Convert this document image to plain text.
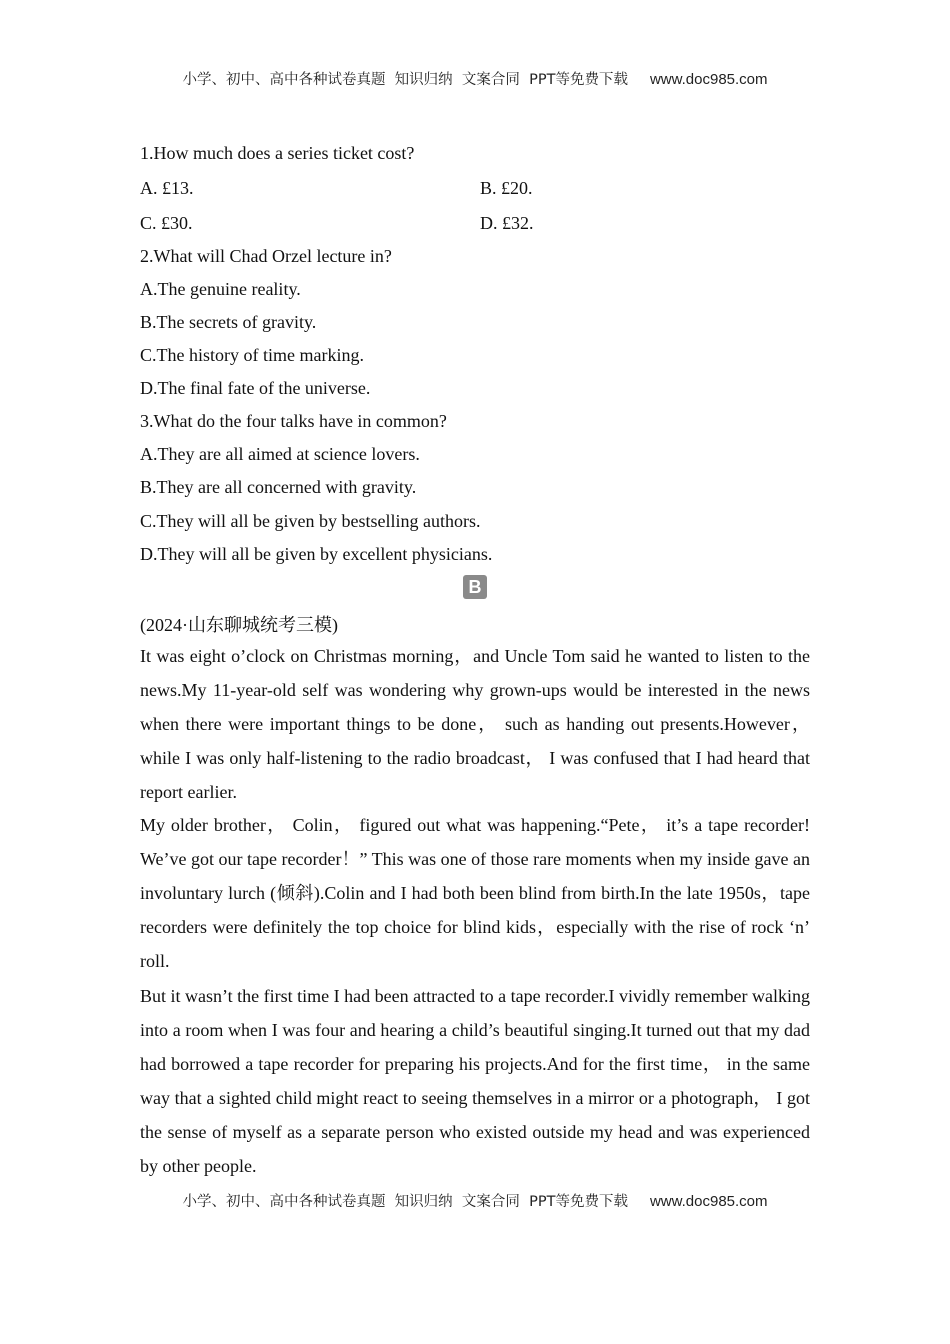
小学、初中、高中各种试卷真题  知识归纳  文案合同  PPT等免费下载 www.doc985.com
1.How much does a series ticket cost?
A. £13.	B. £20.
C. £30.	D. £32.
2.What will Chad Orzel lecture in?
A.The genuine reality.
B.The secrets of gravity.
C.The history of time marking.
D.The final fate of the universe.
3.What do the four talks have in common?
A.They are all aimed at science lovers.
B.They are all concerned with gravity.
C.They will all be given by bestselling authors.
D.They will all be given by excellent physicians.
B
(2024·山东聊城统考三模)
It was eight o’clock on Christmas morning，and Uncle Tom said he wanted to listen to the news.My 11-year-old self was wondering why grown-ups would be interested in the news when there were important things to be done， such as handing out presents.However， while I was only half-listening to the radio broadcast， I was confused that I had heard that report earlier.
My older brother， Colin， figured out what was happening.“Pete， it’s a tape recorder! We’ve got our tape recorder！” This was one of those rare moments when my inside gave an involuntary lurch (倾斜).Colin and I had both been blind from birth.In the late 1950s，tape recorders were definitely the top choice for blind kids，especially with the rise of rock ‘n’ roll.
But it wasn’t the first time I had been attracted to a tape recorder.I vividly remember walking into a room when I was four and hearing a child’s beautiful singing.It turned out that my dad had borrowed a tape recorder for preparing his projects.And for the first time， in the same way that a sighted child might react to seeing themselves in a mirror or a photograph， I got the sense of myself as a separate person who existed outside my head and was experienced by other people.
小学、初中、高中各种试卷真题  知识归纳  文案合同  PPT等免费下载 www.doc985.com
